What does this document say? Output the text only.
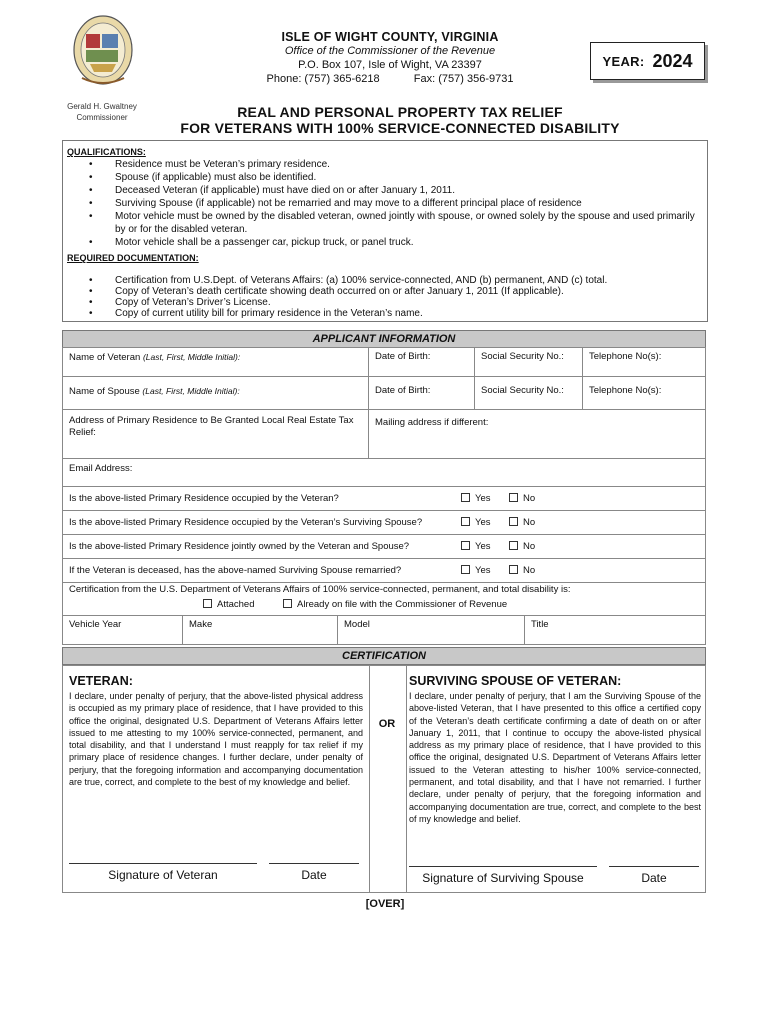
Gerald H. Gwaltney
Commissioner
ISLE OF WIGHT COUNTY, VIRGINIA
Office of the Commissioner of the Revenue
P.O. Box 107, Isle of Wight, VA 23397
Phone: (757) 365-6218	Fax: (757) 356-9731
YEAR: 2024
REAL AND PERSONAL PROPERTY TAX RELIEF
FOR VETERANS WITH 100% SERVICE-CONNECTED DISABILITY
QUALIFICATIONS:
• Residence must be Veteran’s primary residence.
• Spouse (if applicable) must also be identified.
• Deceased Veteran (if applicable) must have died on or after January 1, 2011.
• Surviving Spouse (if applicable) not be remarried and may move to a different principal place of residence
• Motor vehicle must be owned by the disabled veteran, owned jointly with spouse, or owned solely by the spouse and used primarily by or for the disabled veteran.
• Motor vehicle shall be a passenger car, pickup truck, or panel truck.
REQUIRED DOCUMENTATION:
• Certification from U.S.Dept. of Veterans Affairs: (a) 100% service-connected, AND (b) permanent, AND (c) total.
• Copy of Veteran’s death certificate showing death occurred on or after January 1, 2011 (If applicable).
• Copy of Veteran’s Driver’s License.
• Copy of current utility bill for primary residence in the Veteran’s name.
APPLICANT INFORMATION
Name of Veteran (Last, First, Middle Initial):	Date of Birth:	Social Security No.:	Telephone No(s):
Name of Spouse (Last, First, Middle Initial):	Date of Birth:	Social Security No.:	Telephone No(s):
Address of Primary Residence to Be Granted Local Real Estate Tax Relief:
Mailing address if different:
Email Address:
Is the above-listed Primary Residence occupied by the Veteran?	Yes	No
Is the above-listed Primary Residence occupied by the Veteran’s Surviving Spouse?	Yes	No
Is the above-listed Primary Residence jointly owned by the Veteran and Spouse?	Yes	No
If the Veteran is deceased, has the above-named Surviving Spouse remarried?	Yes	No
Certification from the U.S. Department of Veterans Affairs of 100% service-connected, permanent, and total disability is:
Attached	Already on file with the Commissioner of Revenue
Vehicle Year	Make	Model	Title
CERTIFICATION
OR
VETERAN:
I declare, under penalty of perjury, that the above-listed physical address is occupied as my primary place of residence, that I have provided to this office the original, designated U.S. Department of Veterans Affairs letter issued to me attesting to my 100% service-connected, permanent, and total disability, and that I understand I must reapply for tax relief if my primary place of residence changes. I further declare, under penalty of perjury, that the foregoing information and accompanying documentation are true, correct, and complete to the best of my knowledge and belief.
SURVIVING SPOUSE OF VETERAN:
I declare, under penalty of perjury, that I am the Surviving Spouse of the above-listed Veteran, that I have presented to this office a certified copy of the Veteran’s death certificate confirming a date of death on or after January 1, 2011, that I continue to occupy the above-listed physical address as my primary place of residence, that I have provided to this office the original, designated U.S. Department of Veterans Affairs letter issued to the Veteran attesting to his/her 100% service-connected, permanent, and total disability, and that I have not remarried. I further declare, under penalty of perjury, that the foregoing information and accompanying documentation are true, correct, and complete to the best of my knowledge and belief.
Signature of Veteran	Date	Signature of Surviving Spouse	Date
[OVER]
